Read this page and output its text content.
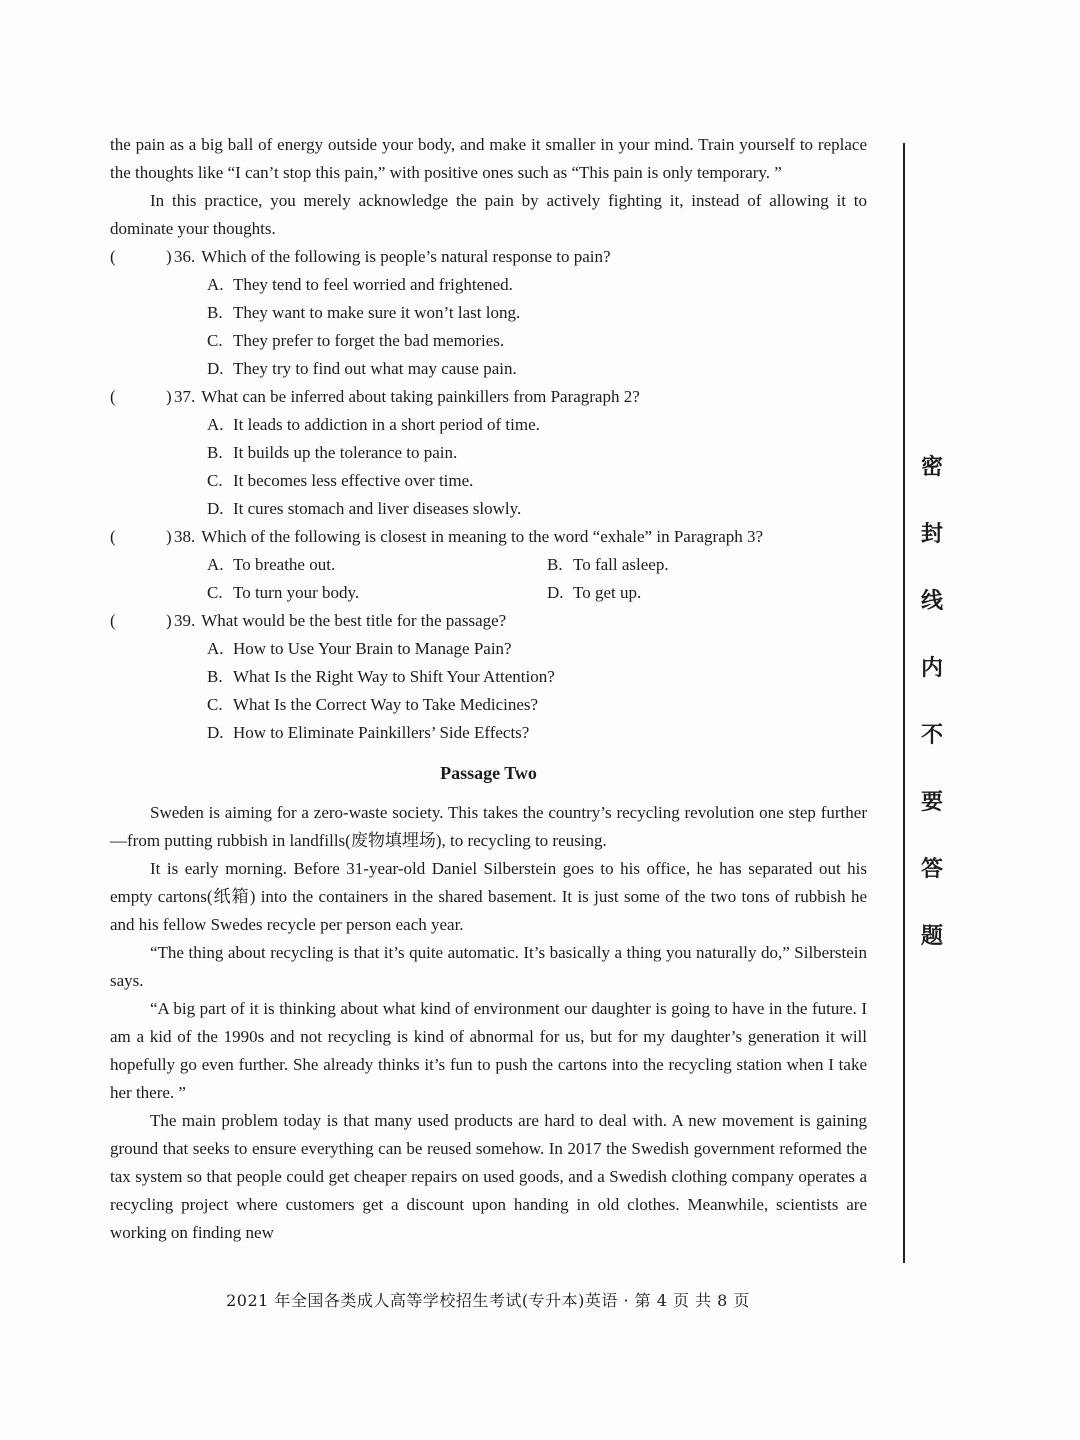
the pain as a big ball of energy outside your body, and make it smaller in your mind. Train yourself to replace the thoughts like “I can’t stop this pain,” with positive ones such as “This pain is only temporary. ”

In this practice, you merely acknowledge the pain by actively fighting it, instead of allowing it to dominate your thoughts.

(	) 36. Which of the following is people’s natural response to pain?
A. They tend to feel worried and frightened.
B. They want to make sure it won’t last long.
C. They prefer to forget the bad memories.
D. They try to find out what may cause pain.
(	) 37. What can be inferred about taking painkillers from Paragraph 2?
A. It leads to addiction in a short period of time.
B. It builds up the tolerance to pain.
C. It becomes less effective over time.
D. It cures stomach and liver diseases slowly.
(	) 38. Which of the following is closest in meaning to the word “exhale” in Paragraph 3?
A. To breathe out.	B. To fall asleep.
C. To turn your body.	D. To get up.
(	) 39. What would be the best title for the passage?
A. How to Use Your Brain to Manage Pain?
B. What Is the Right Way to Shift Your Attention?
C. What Is the Correct Way to Take Medicines?
D. How to Eliminate Painkillers’ Side Effects?
Passage Two

Sweden is aiming for a zero-waste society. This takes the country’s recycling revolution one step further—from putting rubbish in landfills(废物填埋场), to recycling to reusing.

It is early morning. Before 31-year-old Daniel Silberstein goes to his office, he has separated out his empty cartons(纸箱) into the containers in the shared basement. It is just some of the two tons of rubbish he and his fellow Swedes recycle per person each year.

“The thing about recycling is that it’s quite automatic. It’s basically a thing you naturally do,” Silberstein says.

“A big part of it is thinking about what kind of environment our daughter is going to have in the future. I am a kid of the 1990s and not recycling is kind of abnormal for us, but for my daughter’s generation it will hopefully go even further. She already thinks it’s fun to push the cartons into the recycling station when I take her there. ”

The main problem today is that many used products are hard to deal with. A new movement is gaining ground that seeks to ensure everything can be reused somehow. In 2017 the Swedish government reformed the tax system so that people could get cheaper repairs on used goods, and a Swedish clothing company operates a recycling project where customers get a discount upon handing in old clothes. Meanwhile, scientists are working on finding new

密
封
线
内
不
要
答
题
2021 年全国各类成人高等学校招生考试(专升本)英语 · 第 4 页 共 8 页
